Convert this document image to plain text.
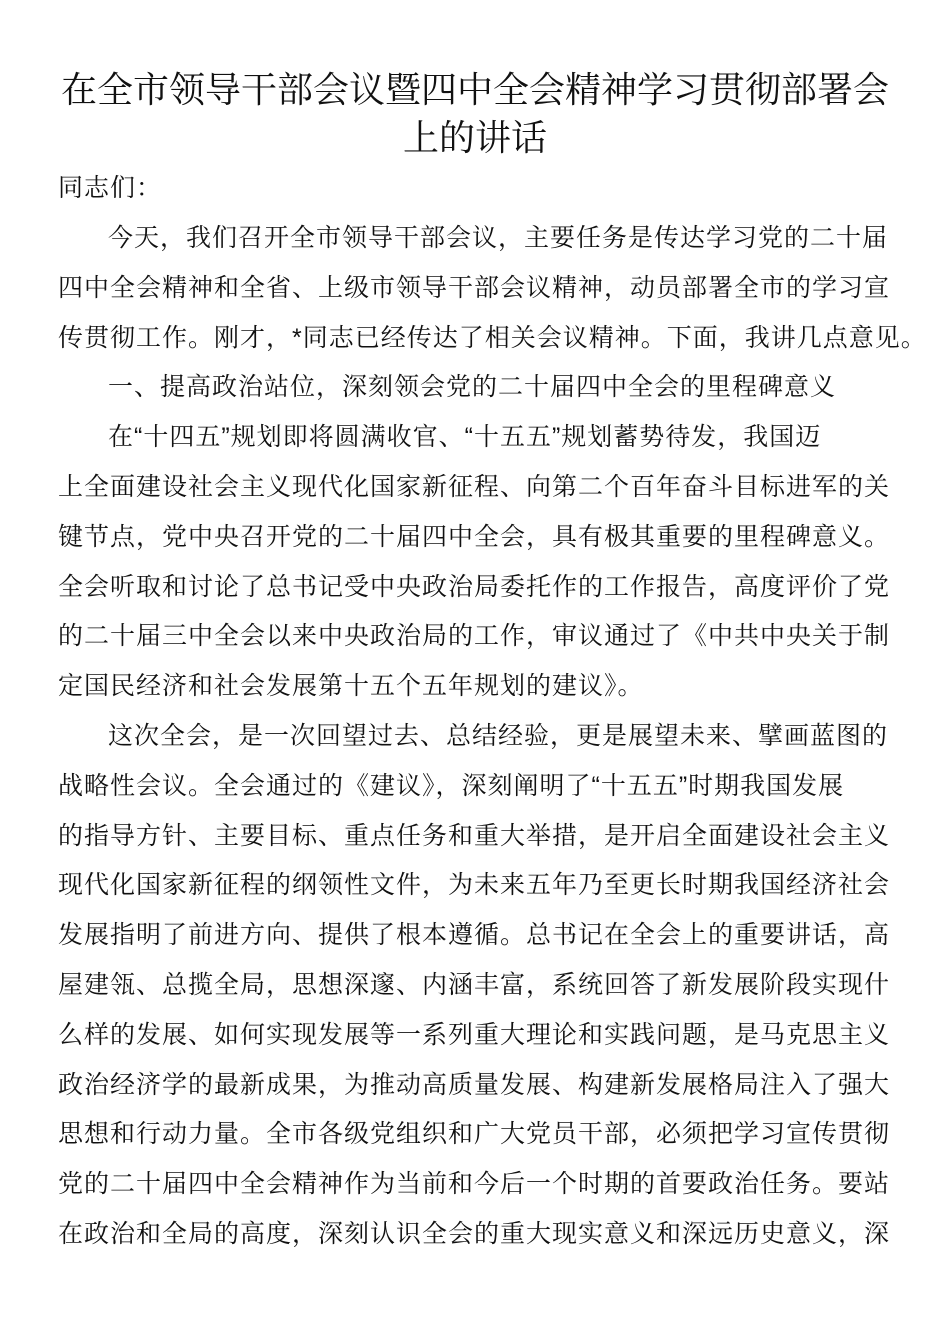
在全市领导干部会议暨四中全会精神学习贯彻部署会
上的讲话
同志们：
今天，我们召开全市领导干部会议，主要任务是传达学习党的二十届
四中全会精神和全省、上级市领导干部会议精神，动员部署全市的学习宣
传贯彻工作。刚才，*同志已经传达了相关会议精神。下面，我讲几点意见。
一、提高政治站位，深刻领会党的二十届四中全会的里程碑意义
在“十四五”规划即将圆满收官、“十五五”规划蓄势待发，我国迈
上全面建设社会主义现代化国家新征程、向第二个百年奋斗目标进军的关
键节点，党中央召开党的二十届四中全会，具有极其重要的里程碑意义。
全会听取和讨论了总书记受中央政治局委托作的工作报告，高度评价了党
的二十届三中全会以来中央政治局的工作，审议通过了《中共中央关于制
定国民经济和社会发展第十五个五年规划的建议》。
这次全会，是一次回望过去、总结经验，更是展望未来、擘画蓝图的
战略性会议。全会通过的《建议》，深刻阐明了“十五五”时期我国发展
的指导方针、主要目标、重点任务和重大举措，是开启全面建设社会主义
现代化国家新征程的纲领性文件，为未来五年乃至更长时期我国经济社会
发展指明了前进方向、提供了根本遵循。总书记在全会上的重要讲话，高
屋建瓴、总揽全局，思想深邃、内涵丰富，系统回答了新发展阶段实现什
么样的发展、如何实现发展等一系列重大理论和实践问题，是马克思主义
政治经济学的最新成果，为推动高质量发展、构建新发展格局注入了强大
思想和行动力量。全市各级党组织和广大党员干部，必须把学习宣传贯彻
党的二十届四中全会精神作为当前和今后一个时期的首要政治任务。要站
在政治和全局的高度，深刻认识全会的重大现实意义和深远历史意义，深
